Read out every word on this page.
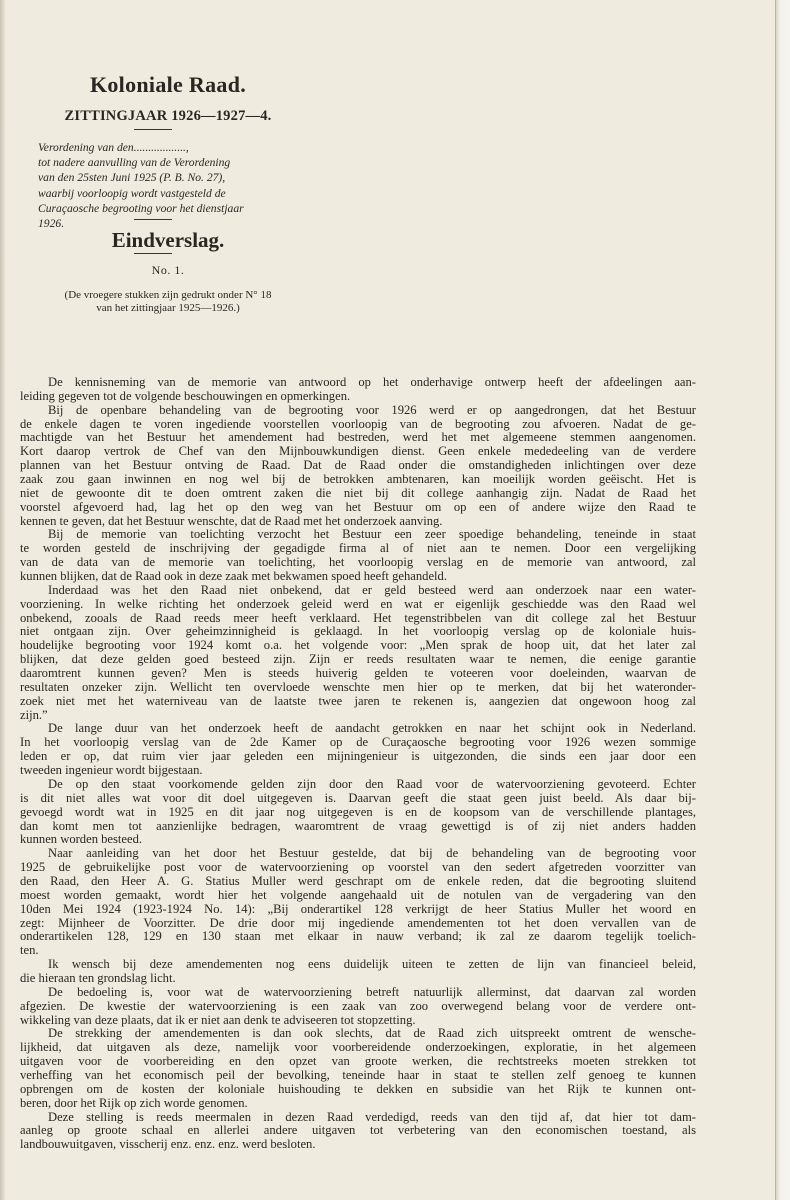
Koloniale Raad.
ZITTINGJAAR 1926—1927—4.
Verordening van den..................,
tot nadere aanvulling van de Verordening
van den 25sten Juni 1925 (P. B. No. 27),
waarbij voorloopig wordt vastgesteld de
Curaçaosche begrooting voor het dienstjaar
1926.
Eindverslag.
No. 1.
(De vroegere stukken zijn gedrukt onder N° 18
van het zittingjaar 1925—1926.)
De kennisneming van de memorie van antwoord op het onderhavige ontwerp heeft der afdeelingen aan-
leiding gegeven tot de volgende beschouwingen en opmerkingen.
Bij de openbare behandeling van de begrooting voor 1926 werd er op aangedrongen, dat het Bestuur
de enkele dagen te voren ingediende voorstellen voorloopig van de begrooting zou afvoeren. Nadat de ge-
machtigde van het Bestuur het amendement had bestreden, werd het met algemeene stemmen aangenomen.
Kort daarop vertrok de Chef van den Mijnbouwkundigen dienst. Geen enkele mededeeling van de verdere
plannen van het Bestuur ontving de Raad. Dat de Raad onder die omstandigheden inlichtingen over deze
zaak zou gaan inwinnen en nog wel bij de betrokken ambtenaren, kan moeilijk worden geëischt. Het is
niet de gewoonte dit te doen omtrent zaken die niet bij dit college aanhangig zijn. Nadat de Raad het
voorstel afgevoerd had, lag het op den weg van het Bestuur om op een of andere wijze den Raad te
kennen te geven, dat het Bestuur wenschte, dat de Raad met het onderzoek aanving.
Bij de memorie van toelichting verzocht het Bestuur een zeer spoedige behandeling, teneinde in staat
te worden gesteld de inschrijving der gegadigde firma al of niet aan te nemen. Door een vergelijking
van de data van de memorie van toelichting, het voorloopig verslag en de memorie van antwoord, zal
kunnen blijken, dat de Raad ook in deze zaak met bekwamen spoed heeft gehandeld.
Inderdaad was het den Raad niet onbekend, dat er geld besteed werd aan onderzoek naar een water-
voorziening. In welke richting het onderzoek geleid werd en wat er eigenlijk geschiedde was den Raad wel
onbekend, zooals de Raad reeds meer heeft verklaard. Het tegenstribbelen van dit college zal het Bestuur
niet ontgaan zijn. Over geheimzinnigheid is geklaagd. In het voorloopig verslag op de koloniale huis-
houdelijke begrooting voor 1924 komt o.a. het volgende voor: „Men sprak de hoop uit, dat het later zal
blijken, dat deze gelden goed besteed zijn. Zijn er reeds resultaten waar te nemen, die eenige garantie
daaromtrent kunnen geven? Men is steeds huiverig gelden te voteeren voor doeleinden, waarvan de
resultaten onzeker zijn. Wellicht ten overvloede wenschte men hier op te merken, dat bij het wateronder-
zoek niet met het waterniveau van de laatste twee jaren te rekenen is, aangezien dat ongewoon hoog zal
zijn.”
De lange duur van het onderzoek heeft de aandacht getrokken en naar het schijnt ook in Nederland.
In het voorloopig verslag van de 2de Kamer op de Curaçaosche begrooting voor 1926 wezen sommige
leden er op, dat ruim vier jaar geleden een mijningenieur is uitgezonden, die sinds een jaar door een
tweeden ingenieur wordt bijgestaan.
De op den staat voorkomende gelden zijn door den Raad voor de watervoorziening gevoteerd. Echter
is dit niet alles wat voor dit doel uitgegeven is. Daarvan geeft die staat geen juist beeld. Als daar bij-
gevoegd wordt wat in 1925 en dit jaar nog uitgegeven is en de koopsom van de verschillende plantages,
dan komt men tot aanzienlijke bedragen, waaromtrent de vraag gewettigd is of zij niet anders hadden
kunnen worden besteed.
Naar aanleiding van het door het Bestuur gestelde, dat bij de behandeling van de begrooting voor
1925 de gebruikelijke post voor de watervoorziening op voorstel van den sedert afgetreden voorzitter van
den Raad, den Heer A. G. Statius Muller werd geschrapt om de enkele reden, dat die begrooting sluitend
moest worden gemaakt, wordt hier het volgende aangehaald uit de notulen van de vergadering van den
10den Mei 1924 (1923-1924 No. 14): „Bij onderartikel 128 verkrijgt de heer Statius Muller het woord en
zegt: Mijnheer de Voorzitter. De drie door mij ingediende amendementen tot het doen vervallen van de
onderartikelen 128, 129 en 130 staan met elkaar in nauw verband; ik zal ze daarom tegelijk toelich-
ten.
Ik wensch bij deze amendementen nog eens duidelijk uiteen te zetten de lijn van financieel beleid,
die hieraan ten grondslag licht.
De bedoeling is, voor wat de watervoorziening betreft natuurlijk allerminst, dat daarvan zal worden
afgezien. De kwestie der watervoorziening is een zaak van zoo overwegend belang voor de verdere ont-
wikkeling van deze plaats, dat ik er niet aan denk te adviseeren tot stopzetting.
De strekking der amendementen is dan ook slechts, dat de Raad zich uitspreekt omtrent de wensche-
lijkheid, dat uitgaven als deze, namelijk voor voorbereidende onderzoekingen, exploratie, in het algemeen
uitgaven voor de voorbereiding en den opzet van groote werken, die rechtstreeks moeten strekken tot
verheffing van het economisch peil der bevolking, teneinde haar in staat te stellen zelf genoeg te kunnen
opbrengen om de kosten der koloniale huishouding te dekken en subsidie van het Rijk te kunnen ont-
beren, door het Rijk op zich worde genomen.
Deze stelling is reeds meermalen in dezen Raad verdedigd, reeds van den tijd af, dat hier tot dam-
aanleg op groote schaal en allerlei andere uitgaven tot verbetering van den economischen toestand, als
landbouwuitgaven, visscherij enz. enz. enz. werd besloten.
